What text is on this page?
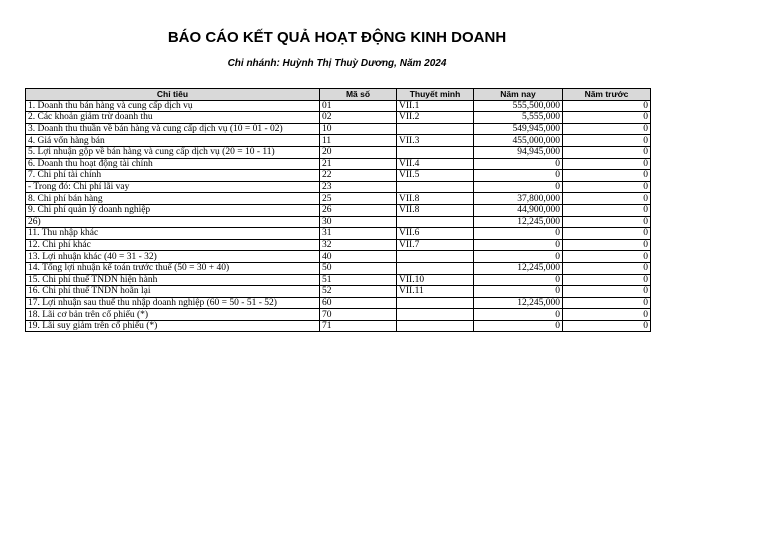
BÁO CÁO KẾT QUẢ HOẠT ĐỘNG KINH DOANH
Chi nhánh: Huỳnh Thị Thuỳ Dương, Năm 2024
Chỉ tiêu	Mã số	Thuyết minh	Năm nay	Năm trước
1. Doanh thu bán hàng và cung cấp dịch vụ	01	VII.1	555,500,000	0
2. Các khoản giảm trừ doanh thu	02	VII.2	5,555,000	0
3. Doanh thu thuần về bán hàng và cung cấp dịch vụ (10 = 01 - 02)	10		549,945,000	0
4. Giá vốn hàng bán	11	VII.3	455,000,000	0
5. Lợi nhuận gộp về bán hàng và cung cấp dịch vụ (20 = 10 - 11)	20		94,945,000	0
6. Doanh thu hoạt động tài chính	21	VII.4	0	0
7. Chi phí tài chính	22	VII.5	0	0
- Trong đó: Chi phí lãi vay	23		0	0
8. Chi phí bán hàng	25	VII.8	37,800,000	0
9. Chi phí quản lý doanh nghiệp	26	VII.8	44,900,000	0
26)	30		12,245,000	0
11. Thu nhập khác	31	VII.6	0	0
12. Chi phí khác	32	VII.7	0	0
13. Lợi nhuận khác (40 = 31 - 32)	40		0	0
14. Tổng lợi nhuận kế toán trước thuế (50 = 30 + 40)	50		12,245,000	0
15. Chi phí thuế TNDN hiện hành	51	VII.10	0	0
16. Chi phí thuế TNDN hoãn lại	52	VII.11	0	0
17. Lợi nhuận sau thuế thu nhập doanh nghiệp (60 = 50 - 51 - 52)	60		12,245,000	0
18. Lãi cơ bản trên cổ phiếu (*)	70		0	0
19. Lãi suy giảm trên cổ phiếu (*)	71		0	0
